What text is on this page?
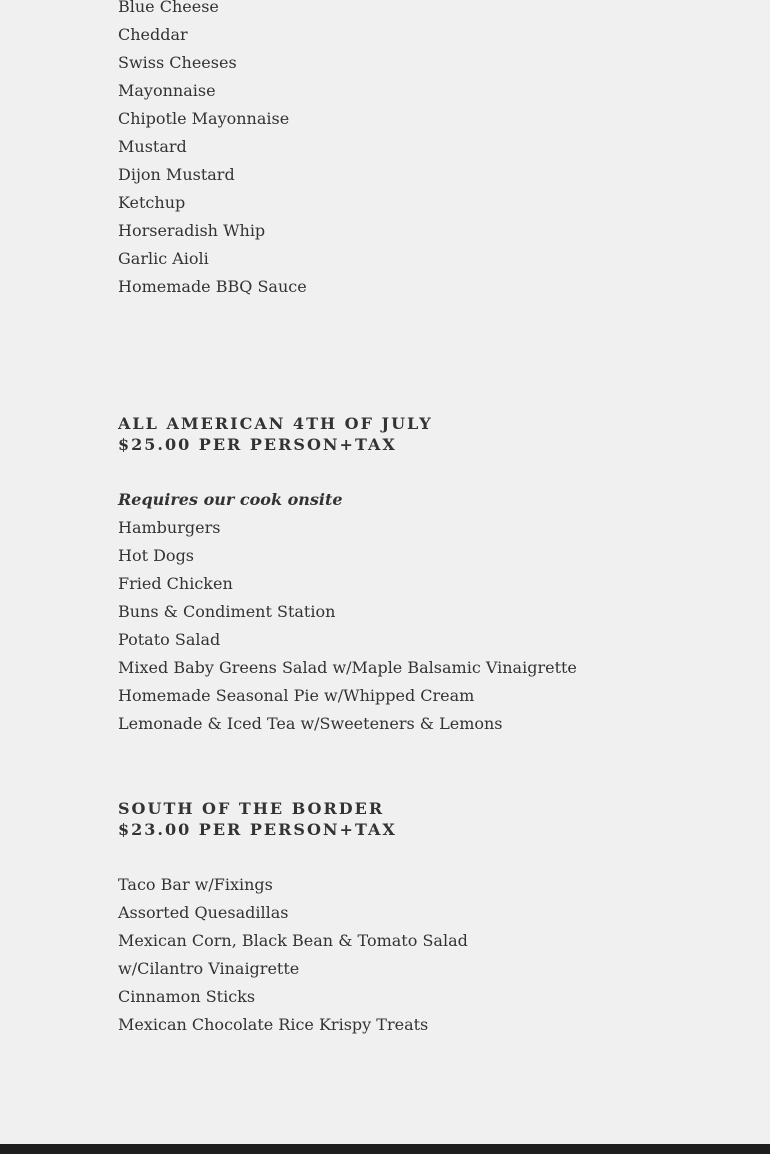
Blue Cheese
Cheddar
Swiss Cheeses
Mayonnaise
Chipotle Mayonnaise
Mustard
Dijon Mustard
Ketchup
Horseradish Whip
Garlic Aioli
Homemade BBQ Sauce
ALL AMERICAN 4TH OF JULY
$25.00 PER PERSON+TAX
Requires our cook onsite
Hamburgers
Hot Dogs
Fried Chicken
Buns & Condiment Station
Potato Salad
Mixed Baby Greens Salad w/Maple Balsamic Vinaigrette
Homemade Seasonal Pie w/Whipped Cream
Lemonade & Iced Tea w/Sweeteners & Lemons
SOUTH OF THE BORDER
$23.00 PER PERSON+TAX
Taco Bar w/Fixings
Assorted Quesadillas
Mexican Corn, Black Bean & Tomato Salad
w/Cilantro Vinaigrette
Cinnamon Sticks
Mexican Chocolate Rice Krispy Treats
